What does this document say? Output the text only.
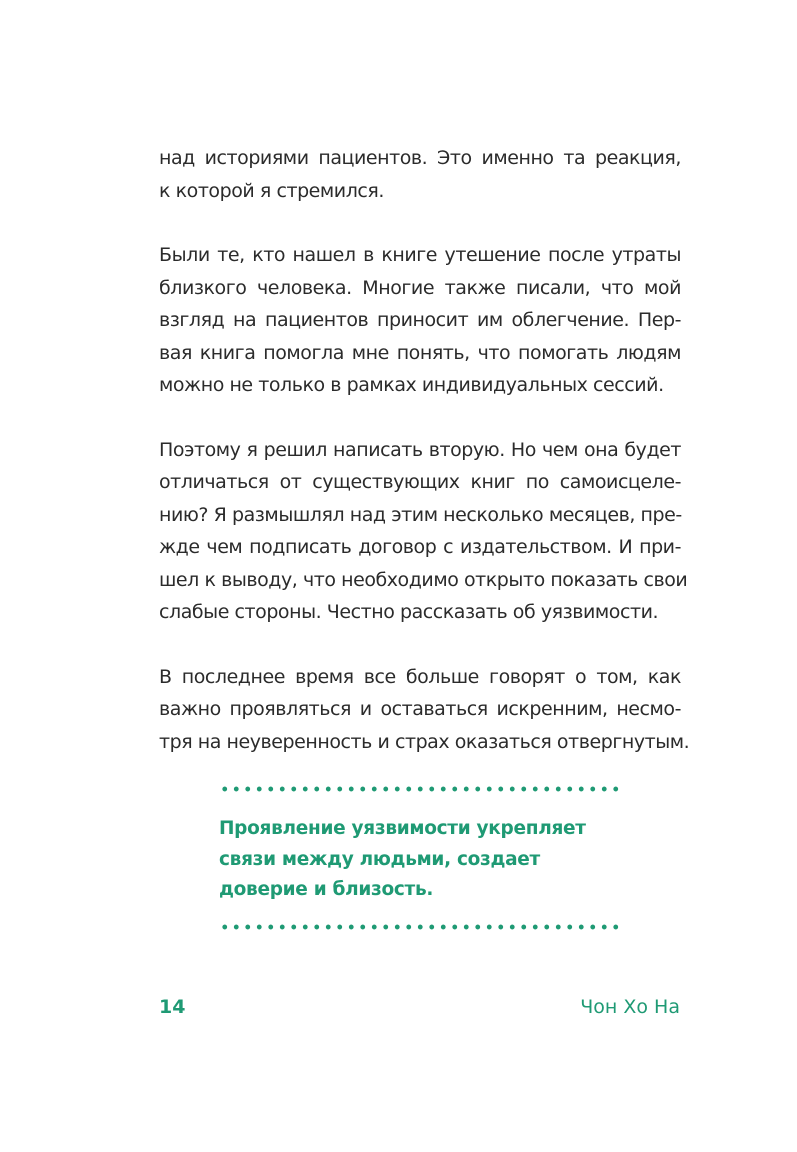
над историями пациентов. Это именно та реакция,
к которой я стремился.

Были те, кто нашел в книге утешение после утраты
близкого человека. Многие также писали, что мой
взгляд на пациентов приносит им облегчение. Пер-
вая книга помогла мне понять, что помогать людям
можно не только в рамках индивидуальных сессий.

Поэтому я решил написать вторую. Но чем она будет
отличаться от существующих книг по самоисцеле-
нию? Я размышлял над этим несколько месяцев, пре-
жде чем подписать договор с издательством. И при-
шел к выводу, что необходимо открыто показать свои
слабые стороны. Честно рассказать об уязвимости.

В последнее время все больше говорят о том, как
важно проявляться и оставаться искренним, несмо-
тря на неуверенность и страх оказаться отвергнутым.

Проявление уязвимости укрепляет
связи между людьми, создает
доверие и близость.
14	Чон Хо На
